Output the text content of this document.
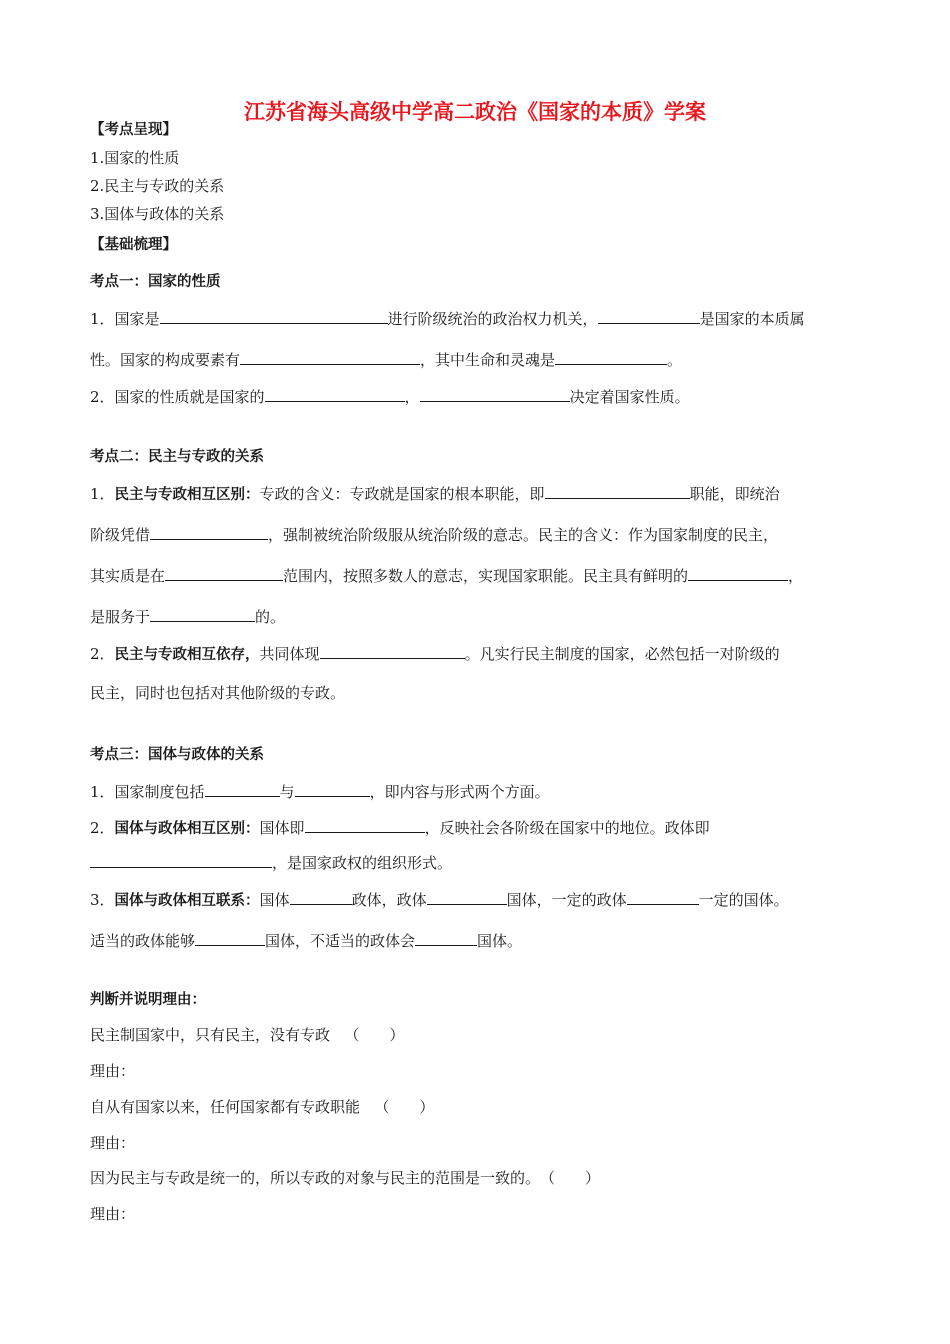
江苏省海头高级中学高二政治《国家的本质》学案
【考点呈现】
1.国家的性质
2.民主与专政的关系
3.国体与政体的关系
【基础梳理】
考点一：国家的性质
1．国家是	进行阶级统治的政治权力机关，	是国家的本质属
性。国家的构成要素有	，其中生命和灵魂是	。
2．国家的性质就是国家的	，	决定着国家性质。
考点二：民主与专政的关系
1．民主与专政相互区别：专政的含义：专政就是国家的根本职能，即	职能，即统治
阶级凭借	，强制被统治阶级服从统治阶级的意志。民主的含义：作为国家制度的民主，
其实质是在	范围内，按照多数人的意志，实现国家职能。民主具有鲜明的	，
是服务于	的。
2．民主与专政相互依存，共同体现	。凡实行民主制度的国家，必然包括一对阶级的
民主，同时也包括对其他阶级的专政。
考点三：国体与政体的关系
1．国家制度包括	与	，即内容与形式两个方面。
2．国体与政体相互区别：国体即	，反映社会各阶级在国家中的地位。政体即
，是国家政权的组织形式。
3．国体与政体相互联系：国体	政体，政体	国体，一定的政体	一定的国体。
适当的政体能够	国体，不适当的政体会	国体。
判断并说明理由：
民主制国家中，只有民主，没有专政 （　　）
理由：
自从有国家以来，任何国家都有专政职能 （　　）
理由：
因为民主与专政是统一的，所以专政的对象与民主的范围是一致的。（　　）
理由：
